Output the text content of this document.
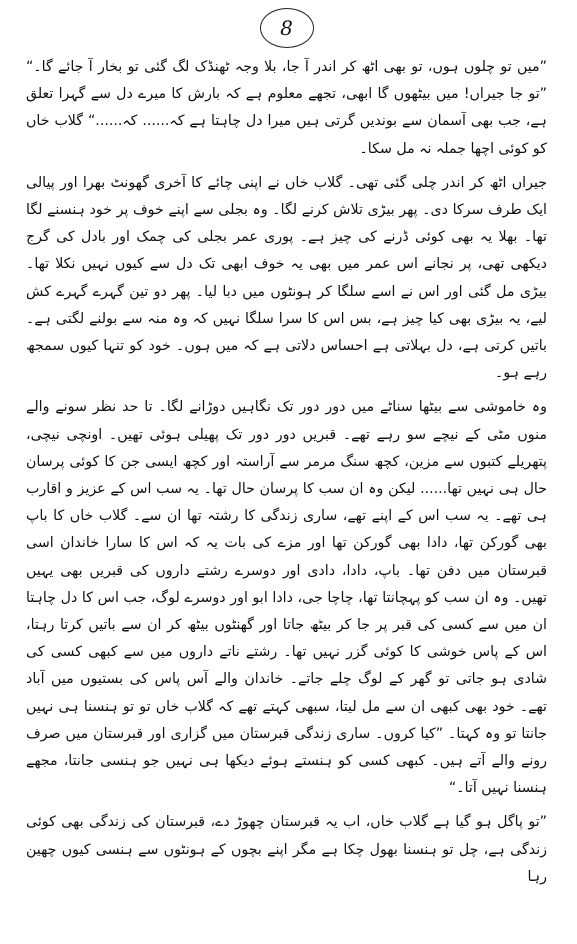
8

”میں تو چلوں ہوں، تو بھی اٹھ کر اندر آ جا، بلا وجہ ٹھنڈک لگ گئی تو بخار آ جائے گا۔“ ”تو جا جیراں! میں بیٹھوں گا ابھی، تجھے معلوم ہے کہ بارش کا میرے دل سے گہرا تعلق ہے، جب بھی آسمان سے بوندیں گرتی ہیں میرا دل چاہتا ہے کہ...... کہ......“ گلاب خاں کو کوئی اچھا جملہ نہ مل سکا۔

جیراں اٹھ کر اندر چلی گئی تھی۔ گلاب خاں نے اپنی چائے کا آخری گھونٹ بھرا اور پیالی ایک طرف سرکا دی۔ پھر بیڑی تلاش کرنے لگا۔ وہ بجلی سے اپنے خوف پر خود ہنسنے لگا تھا۔ بھلا یہ بھی کوئی ڈرنے کی چیز ہے۔ پوری عمر بجلی کی چمک اور بادل کی گرج دیکھی تھی، پر نجانے اس عمر میں بھی یہ خوف ابھی تک دل سے کیوں نہیں نکلا تھا۔ بیڑی مل گئی اور اس نے اسے سلگا کر ہونٹوں میں دبا لیا۔ پھر دو تین گہرے گہرے کش لیے، یہ بیڑی بھی کیا چیز ہے، بس اس کا سرا سلگا نہیں کہ وہ منہ سے بولنے لگتی ہے۔ باتیں کرتی ہے، دل بہلاتی ہے احساس دلاتی ہے کہ میں ہوں۔ خود کو تنہا کیوں سمجھ رہے ہو۔

وہ خاموشی سے بیٹھا سناٹے میں دور دور تک نگاہیں دوڑانے لگا۔ تا حد نظر سونے والے منوں مٹی کے نیچے سو رہے تھے۔ قبریں دور دور تک پھیلی ہوئی تھیں۔ اونچی نیچی، پتھریلے کتبوں سے مزین، کچھ سنگ مرمر سے آراستہ اور کچھ ایسی جن کا کوئی پرسان حال ہی نہیں تھا...... لیکن وہ ان سب کا پرسان حال تھا۔ یہ سب اس کے عزیز و اقارب ہی تھے۔ یہ سب اس کے اپنے تھے، ساری زندگی کا رشتہ تھا ان سے۔ گلاب خاں کا باپ بھی گورکن تھا، دادا بھی گورکن تھا اور مزے کی بات یہ کہ اس کا سارا خاندان اسی قبرستان میں دفن تھا۔ باپ، دادا، دادی اور دوسرے رشتے داروں کی قبریں بھی یہیں تھیں۔ وہ ان سب کو پہچانتا تھا، چاچا جی، دادا ابو اور دوسرے لوگ، جب اس کا دل چاہتا ان میں سے کسی کی قبر پر جا کر بیٹھ جاتا اور گھنٹوں بیٹھ کر ان سے باتیں کرتا رہتا، اس کے پاس خوشی کا کوئی گزر نہیں تھا۔ رشتے ناتے داروں میں سے کبھی کسی کی شادی ہو جاتی تو گھر کے لوگ چلے جاتے۔ خاندان والے آس پاس کی بستیوں میں آباد تھے۔ خود بھی کبھی ان سے مل لیتا، سبھی کہتے تھے کہ گلاب خاں تو تو ہنسنا ہی نہیں جانتا تو وہ کہتا۔ ”کیا کروں۔ ساری زندگی قبرستان میں گزاری اور قبرستان میں صرف رونے والے آتے ہیں۔ کبھی کسی کو ہنستے ہوئے دیکھا ہی نہیں جو ہنسی جانتا، مجھے ہنسنا نہیں آتا۔“

”تو پاگل ہو گیا ہے گلاب خاں، اب یہ قبرستان چھوڑ دے، قبرستان کی زندگی بھی کوئی زندگی ہے، چل تو ہنسنا بھول چکا ہے مگر اپنے بچوں کے ہونٹوں سے ہنسی کیوں چھین رہا
